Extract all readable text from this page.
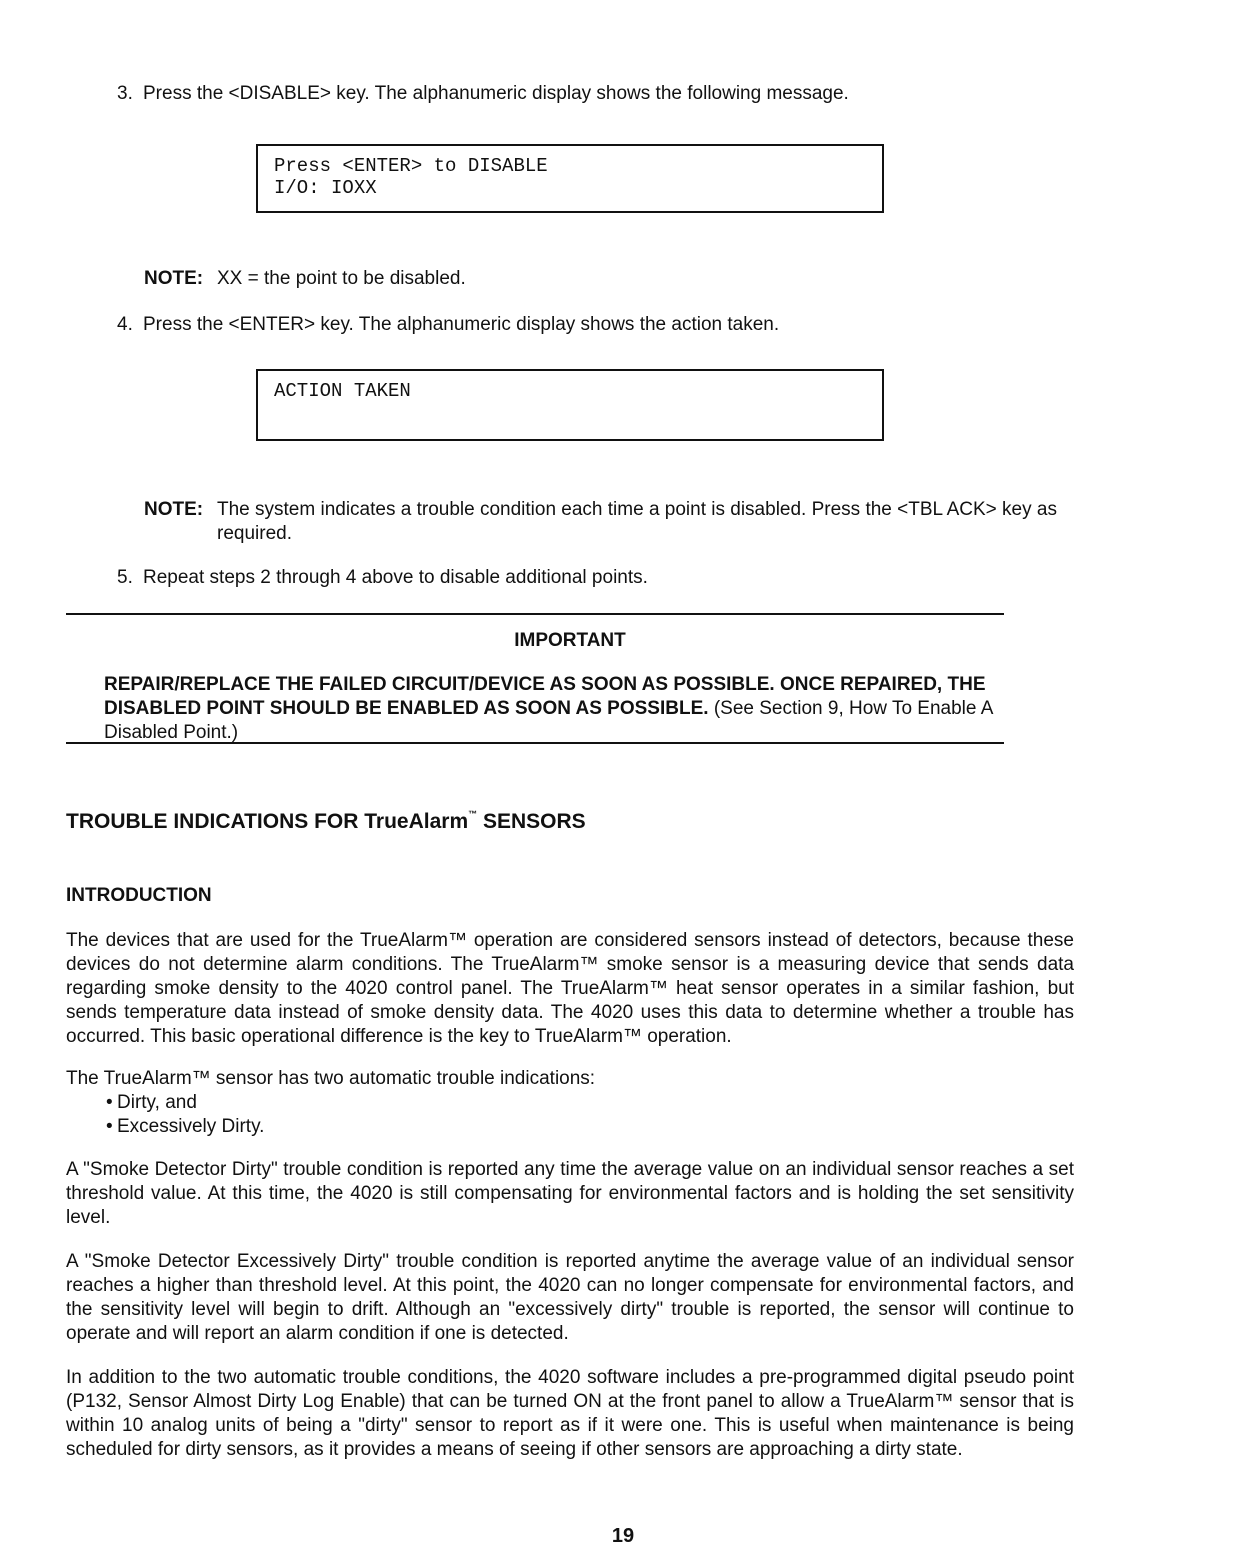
3. Press the <DISABLE> key. The alphanumeric display shows the following message.
Press <ENTER> to DISABLE
I/O: IOXX
NOTE: XX = the point to be disabled.
4. Press the <ENTER> key. The alphanumeric display shows the action taken.
ACTION TAKEN
NOTE: The system indicates a trouble condition each time a point is disabled. Press the <TBL ACK> key as required.
5. Repeat steps 2 through 4 above to disable additional points.
IMPORTANT
REPAIR/REPLACE THE FAILED CIRCUIT/DEVICE AS SOON AS POSSIBLE. ONCE REPAIRED, THE DISABLED POINT SHOULD BE ENABLED AS SOON AS POSSIBLE. (See Section 9, How To Enable A Disabled Point.)
TROUBLE INDICATIONS FOR TrueAlarm™ SENSORS
INTRODUCTION
The devices that are used for the TrueAlarm™ operation are considered sensors instead of detectors, because these devices do not determine alarm conditions. The TrueAlarm™ smoke sensor is a measuring device that sends data regarding smoke density to the 4020 control panel. The TrueAlarm™ heat sensor operates in a similar fashion, but sends temperature data instead of smoke density data. The 4020 uses this data to determine whether a trouble has occurred. This basic operational difference is the key to TrueAlarm™ operation.
The TrueAlarm™ sensor has two automatic trouble indications:
• Dirty, and
• Excessively Dirty.
A "Smoke Detector Dirty" trouble condition is reported any time the average value on an individual sensor reaches a set threshold value. At this time, the 4020 is still compensating for environmental factors and is holding the set sensitivity level.
A "Smoke Detector Excessively Dirty" trouble condition is reported anytime the average value of an individual sensor reaches a higher than threshold level. At this point, the 4020 can no longer compensate for environmental factors, and the sensitivity level will begin to drift. Although an "excessively dirty" trouble is reported, the sensor will continue to operate and will report an alarm condition if one is detected.
In addition to the two automatic trouble conditions, the 4020 software includes a pre-programmed digital pseudo point (P132, Sensor Almost Dirty Log Enable) that can be turned ON at the front panel to allow a TrueAlarm™ sensor that is within 10 analog units of being a "dirty" sensor to report as if it were one. This is useful when maintenance is being scheduled for dirty sensors, as it provides a means of seeing if other sensors are approaching a dirty state.
19
